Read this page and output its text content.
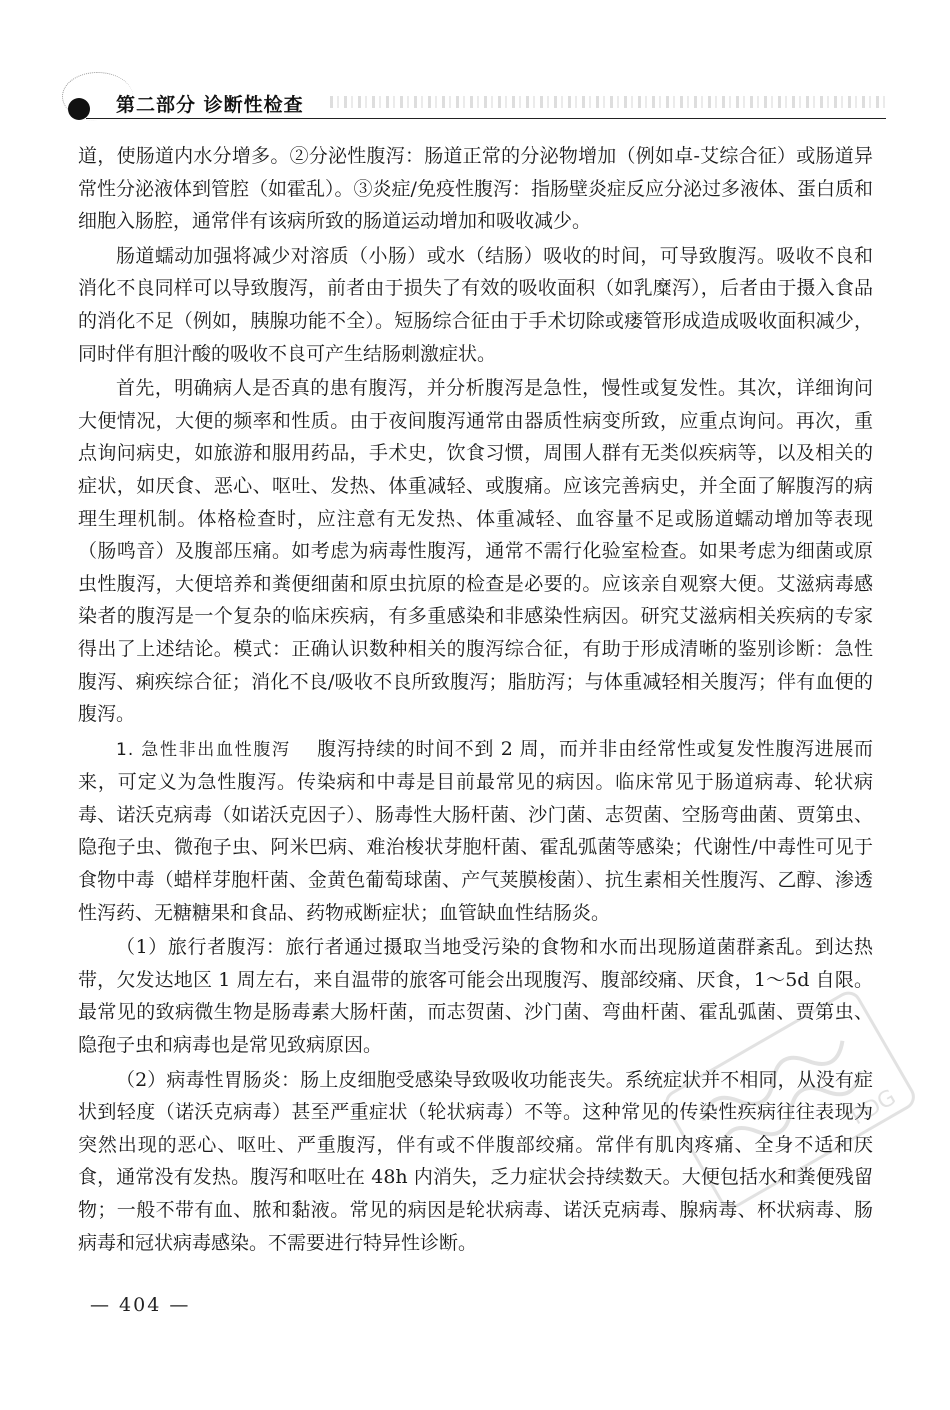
第二部分 诊断性检查

道，使肠道内水分增多。②分泌性腹泻：肠道正常的分泌物增加（例如卓-艾综合征）或肠道异常性分泌液体到管腔（如霍乱）。③炎症/免疫性腹泻：指肠壁炎症反应分泌过多液体、蛋白质和细胞入肠腔，通常伴有该病所致的肠道运动增加和吸收减少。

肠道蠕动加强将减少对溶质（小肠）或水（结肠）吸收的时间，可导致腹泻。吸收不良和消化不良同样可以导致腹泻，前者由于损失了有效的吸收面积（如乳糜泻），后者由于摄入食品的消化不足（例如，胰腺功能不全）。短肠综合征由于手术切除或瘘管形成造成吸收面积减少，同时伴有胆汁酸的吸收不良可产生结肠刺激症状。

首先，明确病人是否真的患有腹泻，并分析腹泻是急性，慢性或复发性。其次，详细询问大便情况，大便的频率和性质。由于夜间腹泻通常由器质性病变所致，应重点询问。再次，重点询问病史，如旅游和服用药品，手术史，饮食习惯，周围人群有无类似疾病等，以及相关的症状，如厌食、恶心、呕吐、发热、体重减轻、或腹痛。应该完善病史，并全面了解腹泻的病理生理机制。体格检查时，应注意有无发热、体重减轻、血容量不足或肠道蠕动增加等表现（肠鸣音）及腹部压痛。如考虑为病毒性腹泻，通常不需行化验室检查。如果考虑为细菌或原虫性腹泻，大便培养和粪便细菌和原虫抗原的检查是必要的。应该亲自观察大便。艾滋病毒感染者的腹泻是一个复杂的临床疾病，有多重感染和非感染性病因。研究艾滋病相关疾病的专家得出了上述结论。模式：正确认识数种相关的腹泻综合征，有助于形成清晰的鉴别诊断：急性腹泻、痢疾综合征；消化不良/吸收不良所致腹泻；脂肪泻；与体重减轻相关腹泻；伴有血便的腹泻。

1. 急性非出血性腹泻　 腹泻持续的时间不到 2 周，而并非由经常性或复发性腹泻进展而来，可定义为急性腹泻。传染病和中毒是目前最常见的病因。临床常见于肠道病毒、轮状病毒、诺沃克病毒（如诺沃克因子）、肠毒性大肠杆菌、沙门菌、志贺菌、空肠弯曲菌、贾第虫、隐孢子虫、微孢子虫、阿米巴病、难治梭状芽胞杆菌、霍乱弧菌等感染；代谢性/中毒性可见于食物中毒（蜡样芽胞杆菌、金黄色葡萄球菌、产气荚膜梭菌）、抗生素相关性腹泻、乙醇、渗透性泻药、无糖糖果和食品、药物戒断症状；血管缺血性结肠炎。

（1）旅行者腹泻：旅行者通过摄取当地受污染的食物和水而出现肠道菌群紊乱。到达热带，欠发达地区 1 周左右，来自温带的旅客可能会出现腹泻、腹部绞痛、厌食，1～5d 自限。最常见的致病微生物是肠毒素大肠杆菌，而志贺菌、沙门菌、弯曲杆菌、霍乱弧菌、贾第虫、隐孢子虫和病毒也是常见致病原因。

（2）病毒性胃肠炎：肠上皮细胞受感染导致吸收功能丧失。系统症状并不相同，从没有症状到轻度（诺沃克病毒）甚至严重症状（轮状病毒）不等。这种常见的传染性疾病往往表现为突然出现的恶心、呕吐、严重腹泻，伴有或不伴腹部绞痛。常伴有肌肉疼痛、全身不适和厌食，通常没有发热。腹泻和呕吐在 48h 内消失，乏力症状会持续数天。大便包括水和粪便残留物；一般不带有血、脓和黏液。常见的病因是轮状病毒、诺沃克病毒、腺病毒、杯状病毒、肠病毒和冠状病毒感染。不需要进行特异性诊断。

PDG
— 404 —
